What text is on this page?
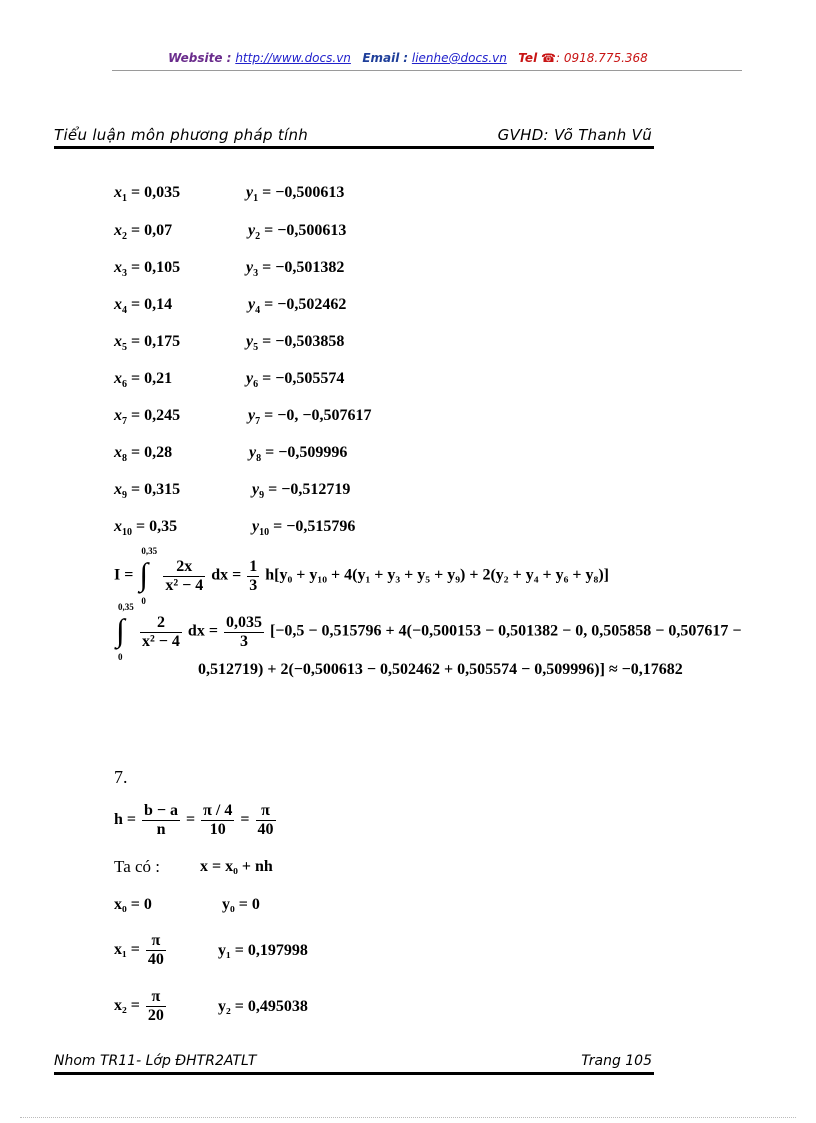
Website : http://www.docs.vn Email : lienhe@docs.vn Tel ☎: 0918.775.368
Tiểu luận môn phương pháp tính	GVHD: Võ Thanh Vũ
$x_1 = 0,035$	$y_1 = -0,500613$
$x_2 = 0,07$	$y_2 = -0,500613$
$x_3 = 0,105$	$y_3 = -0,501382$
$x_4 = 0,14$	$y_4 = -0,502462$
$x_5 = 0,175$	$y_5 = -0,503858$
$x_6 = 0,21$	$y_6 = -0,505574$
$x_7 = 0,245$	$y_7 = -0$, −0,507617
$x_8 = 0,28$	$y_8 = -0,509996$
$x_9 = 0,315$	$y_9 = -0,512719$
$x_{10} = 0,35$	$y_{10} = -0,515796$
I =
0,35
∫
0

$\frac{2x}{\text{x² − 4}}$ dx = $\frac{1}{3} h[y_0 + y_{10} + 4(y_1 + y_3 + y_5 + y_9) + 2(y_2 + y_4 + y_6 + y_8)]$
0,35
∫
0

$\frac{2}{\text{x² − 4}}$ dx = $\frac{0,035}{3} [-0,5 - 0,515796 + 4(-0,500153 - 0,501382 - 0$, 0,505858 − 0,507617 −
0,512719) + 2(−0,500613 − 0,502462 + 0,505574 − 0,509996)] ≈ −0,17682
7.
$h = \frac{b - a}{n} = \frac{\pi / 4}{10} = \frac{\pi}{40}$
Ta có : x = x₀ + nh
x₀ = 0	y₀ = 0
$x_1 = \frac{\pi}{40}$	y₁ = 0,197998
$x_2 = \frac{\pi}{20}$	y₂ = 0,495038
Nhom TR11- Lớp ĐHTR2ATLT	Trang 105
